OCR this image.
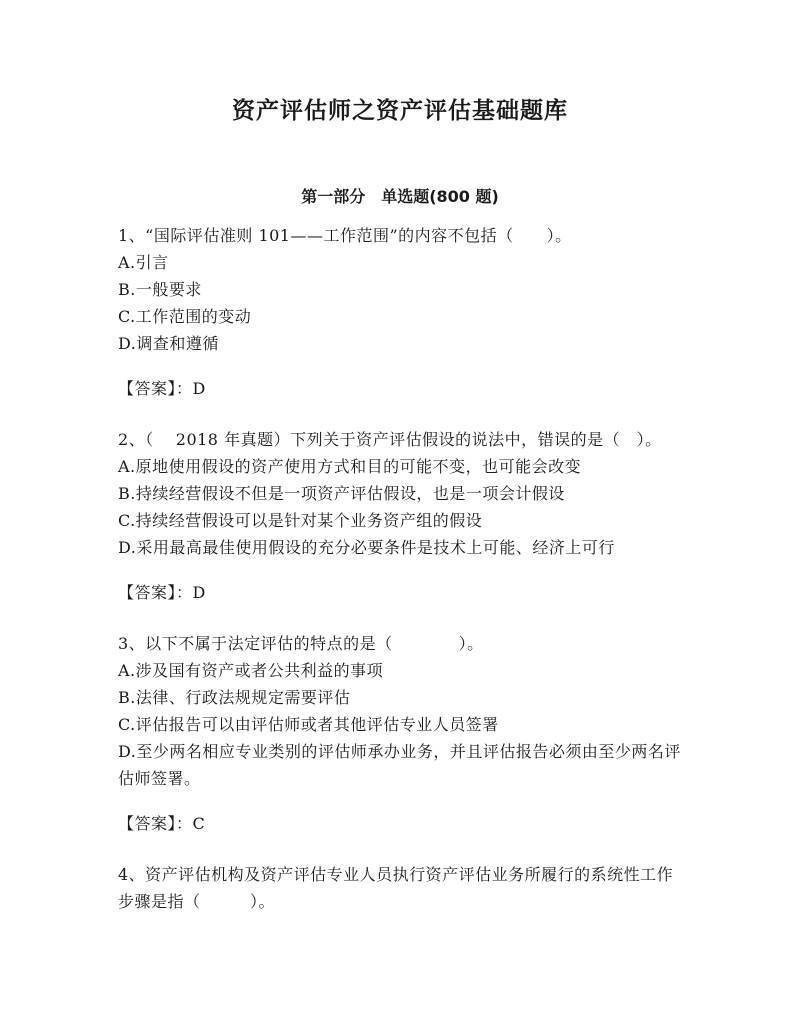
资产评估师之资产评估基础题库
第一部分　单选题(800 题)

1、“国际评估准则 101——工作范围”的内容不包括（　　）。

A.引言

B.一般要求

C.工作范围的变动

D.调查和遵循

【答案】：D

2、（　 2018 年真题）下列关于资产评估假设的说法中，错误的是（　）。

A.原地使用假设的资产使用方式和目的可能不变，也可能会改变

B.持续经营假设不但是一项资产评估假设，也是一项会计假设

C.持续经营假设可以是针对某个业务资产组的假设

D.采用最高最佳使用假设的充分必要条件是技术上可能、经济上可行

【答案】：D

3、以下不属于法定评估的特点的是（　　　　）。

A.涉及国有资产或者公共利益的事项

B.法律、行政法规规定需要评估

C.评估报告可以由评估师或者其他评估专业人员签署

D.至少两名相应专业类别的评估师承办业务，并且评估报告必须由至少两名评估师签署。

【答案】：C

4、资产评估机构及资产评估专业人员执行资产评估业务所履行的系统性工作步骤是指（　　　）。
